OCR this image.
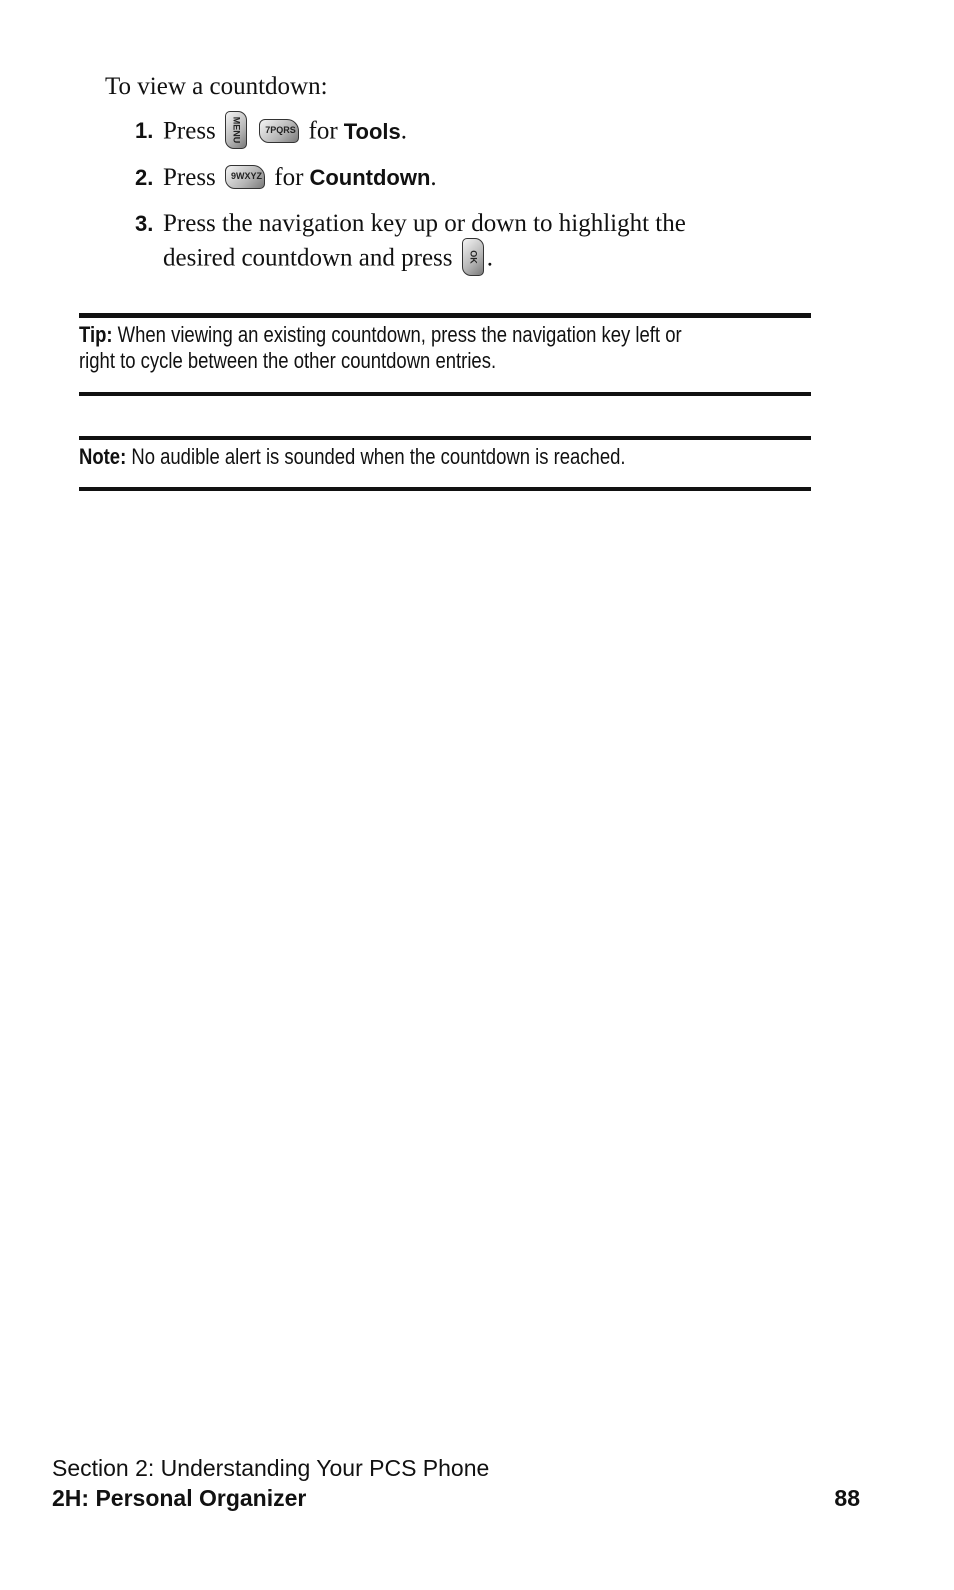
To view a countdown:
1. Press MENU
	7PQRS for Tools.
2. Press 9WXYZ for Countdown.
3. Press the navigation key up or down to highlight the
desired countdown and press OK .
Tip: When viewing an existing countdown, press the navigation key left or
right to cycle between the other countdown entries.
Note: No audible alert is sounded when the countdown is reached.
Section 2: Understanding Your PCS Phone
2H: Personal Organizer	88
